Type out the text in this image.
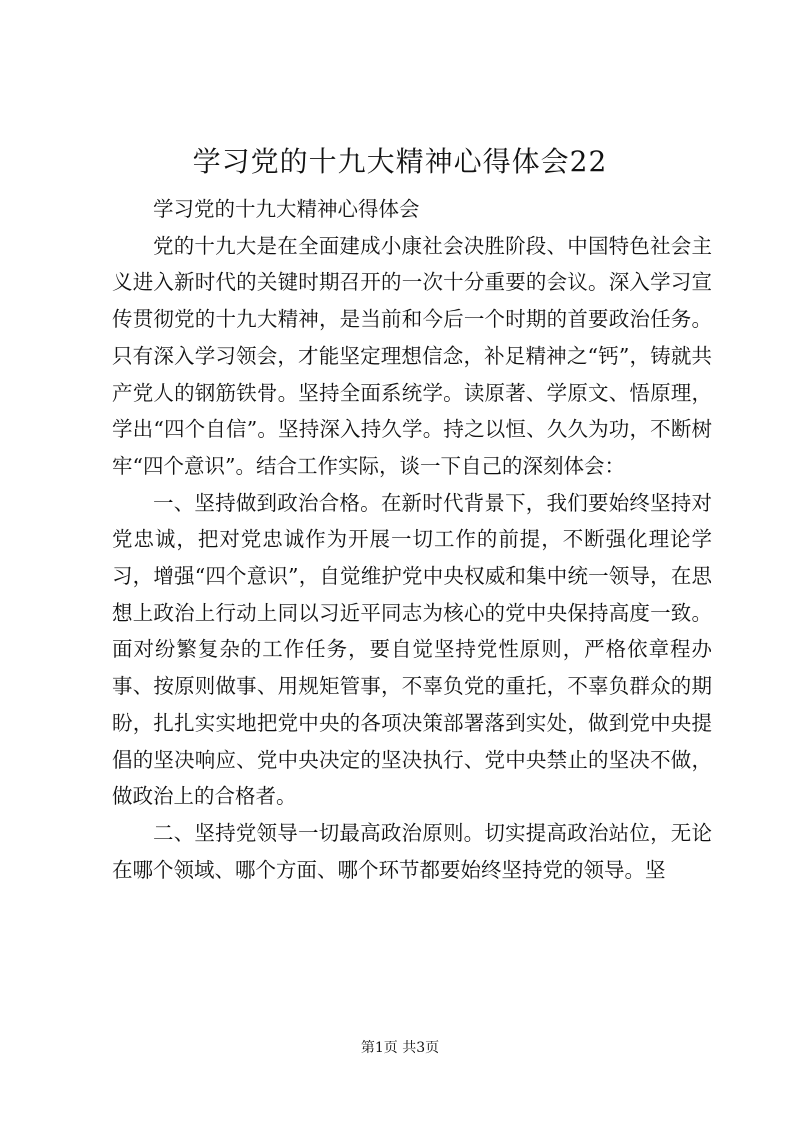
学习党的十九大精神心得体会22

学习党的十九大精神心得体会

党的十九大是在全面建成小康社会决胜阶段、中国特色社会主义进入新时代的关键时期召开的一次十分重要的会议。深入学习宣传贯彻党的十九大精神，是当前和今后一个时期的首要政治任务。只有深入学习领会，才能坚定理想信念，补足精神之“钙”，铸就共产党人的钢筋铁骨。坚持全面系统学。读原著、学原文、悟原理，学出“四个自信”。坚持深入持久学。持之以恒、久久为功，不断树牢“四个意识”。结合工作实际，谈一下自己的深刻体会：

一、坚持做到政治合格。在新时代背景下，我们要始终坚持对党忠诚，把对党忠诚作为开展一切工作的前提，不断强化理论学习，增强“四个意识”，自觉维护党中央权威和集中统一领导，在思想上政治上行动上同以习近平同志为核心的党中央保持高度一致。面对纷繁复杂的工作任务，要自觉坚持党性原则，严格依章程办事、按原则做事、用规矩管事，不辜负党的重托，不辜负群众的期盼，扎扎实实地把党中央的各项决策部署落到实处，做到党中央提倡的坚决响应、党中央决定的坚决执行、党中央禁止的坚决不做，做政治上的合格者。

二、坚持党领导一切最高政治原则。切实提高政治站位，无论在哪个领域、哪个方面、哪个环节都要始终坚持党的领导。坚

第1页 共3页
